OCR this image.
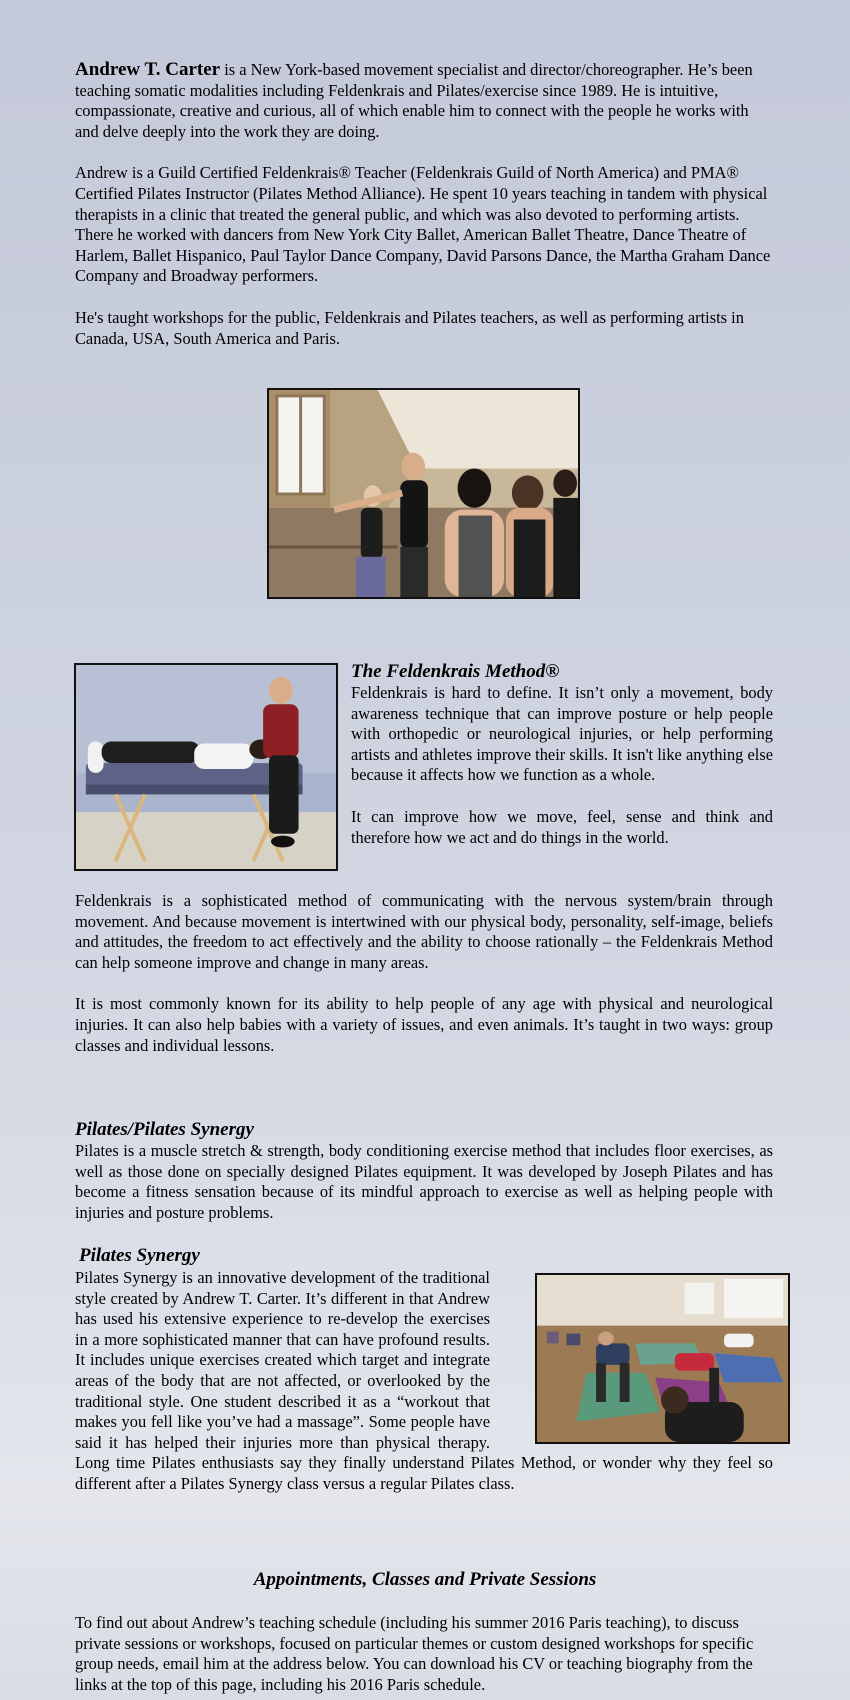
Andrew T. Carter is a New York-based movement specialist and director/choreographer. He’s been teaching somatic modalities including Feldenkrais and Pilates/exercise since 1989. He is intuitive, compassionate, creative and curious, all of which enable him to connect with the people he works with and delve deeply into the work they are doing.

Andrew is a Guild Certified Feldenkrais® Teacher (Feldenkrais Guild of North America) and PMA® Certified Pilates Instructor (Pilates Method Alliance). He spent 10 years teaching in tandem with physical therapists in a clinic that treated the general public, and which was also devoted to performing artists. There he worked with dancers from New York City Ballet, American Ballet Theatre, Dance Theatre of Harlem, Ballet Hispanico, Paul Taylor Dance Company, David Parsons Dance, the Martha Graham Dance Company and Broadway performers.

He's taught workshops for the public, Feldenkrais and Pilates teachers, as well as performing artists in Canada, USA, South America and Paris.

The Feldenkrais Method®

Feldenkrais is hard to define. It isn’t only a movement, body awareness technique that can improve posture or help people with orthopedic or neurological injuries, or help performing artists and athletes improve their skills. It isn't like anything else because it affects how we function as a whole.

It can improve how we move, feel, sense and think and therefore how we act and do things in the world.

Feldenkrais is a sophisticated method of communicating with the nervous system/brain through movement. And because movement is intertwined with our physical body, personality, self-image, beliefs and attitudes, the freedom to act effectively and the ability to choose rationally – the Feldenkrais Method can help someone improve and change in many areas.

It is most commonly known for its ability to help people of any age with physical and neurological injuries. It can also help babies with a variety of issues, and even animals. It’s taught in two ways: group classes and individual lessons.

Pilates/Pilates Synergy

Pilates is a muscle stretch & strength, body conditioning exercise method that includes floor exercises, as well as those done on specially designed Pilates equipment. It was developed by Joseph Pilates and has become a fitness sensation because of its mindful approach to exercise as well as helping people with injuries and posture problems.

Pilates Synergy

Pilates Synergy is an innovative development of the traditional style created by Andrew T. Carter. It’s different in that Andrew has used his extensive experience to re-develop the exercises in a more sophisticated manner that can have profound results. It includes unique exercises created which target and integrate areas of the body that are not affected, or overlooked by the traditional style. One student described it as a “workout that makes you fell like you’ve had a massage”. Some people have said it has helped their injuries more than physical therapy. Long time Pilates enthusiasts say they finally understand Pilates Method, or wonder why they feel so different after a Pilates Synergy class versus a regular Pilates class.

Appointments, Classes and Private Sessions

To find out about Andrew’s teaching schedule (including his summer 2016 Paris teaching), to discuss private sessions or workshops, focused on particular themes or custom designed workshops for specific group needs, email him at the address below. You can download his CV or teaching biography from the links at the top of this page, including his 2016 Paris schedule.
